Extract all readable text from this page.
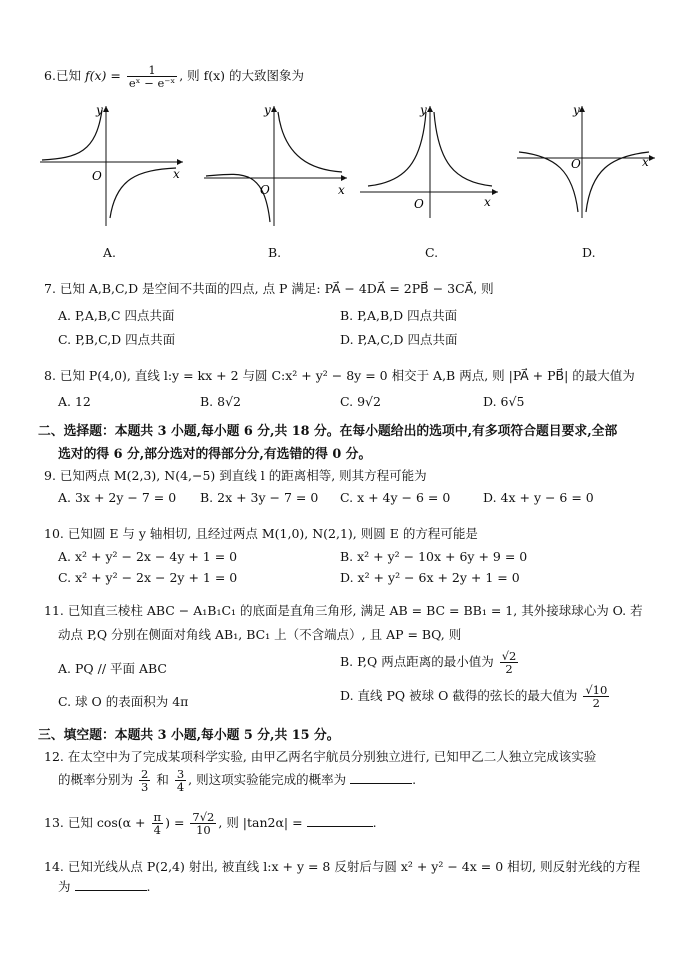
6.已知 $f(x) = \frac{1}{\text{eˣ − e⁻ˣ}}$ , 则 f(x) 的大致图象为
y
x
O
A.
y
x
O
B.
y
x
O
C.
y
x
O
D.
7. 已知 A,B,C,D 是空间不共面的四点, 点 P 满足: PA⃗ − 4DA⃗ = 2PB⃗ − 3CA⃗, 则
A. P,A,B,C 四点共面	B. P,A,B,D 四点共面
C. P,B,C,D 四点共面	D. P,A,C,D 四点共面
8. 已知 P(4,0), 直线 l:y = kx + 2 与圆 C:x² + y² − 8y = 0 相交于 A,B 两点, 则 |PA⃗ + PB⃗| 的最大值为
A. 12	B. 8√2	C. 9√2	D. 6√5
二、选择题：本题共 3 小题,每小题 6 分,共 18 分。在每小题给出的选项中,有多项符合题目要求,全部
选对的得 6 分,部分选对的得部分分,有选错的得 0 分。
9. 已知两点 M(2,3), N(4,−5) 到直线 l 的距离相等, 则其方程可能为
A. 3x + 2y − 7 = 0 B. 2x + 3y − 7 = 0 C. x + 4y − 6 = 0	D. 4x + y − 6 = 0
10. 已知圆 E 与 y 轴相切, 且经过两点 M(1,0), N(2,1), 则圆 E 的方程可能是
A. x² + y² − 2x − 4y + 1 = 0	B. x² + y² − 10x + 6y + 9 = 0
C. x² + y² − 2x − 2y + 1 = 0	D. x² + y² − 6x + 2y + 1 = 0
11. 已知直三棱柱 ABC − A₁B₁C₁ 的底面是直角三角形, 满足 AB = BC = BB₁ = 1, 其外接球球心为 O. 若
动点 P,Q 分别在侧面对角线 AB₁, BC₁ 上（不含端点）, 且 AP = BQ, 则
A. PQ // 平面 ABC	B. P,Q 两点距离的最小值为 $\frac{√2}{2}$
C. 球 O 的表面积为 4π	D. 直线 PQ 被球 O 截得的弦长的最大值为 $\frac{√10}{2}$
三、填空题：本题共 3 小题,每小题 5 分,共 15 分。
12. 在太空中为了完成某项科学实验, 由甲乙两名宇航员分别独立进行, 已知甲乙二人独立完成该实验
的概率分别为 $\frac{2}{3}$ 和 $\frac{3}{4}$ , 则这项实验能完成的概率为	.
13. 已知 $\cos(\alpha + \frac{\pi}{4}$ ) = $\frac{7√2}{10}$ , 则 |tan2α| =	.
14. 已知光线从点 P(2,4) 射出, 被直线 l:x + y = 8 反射后与圆 x² + y² − 4x = 0 相切, 则反射光线的方程
为	.
